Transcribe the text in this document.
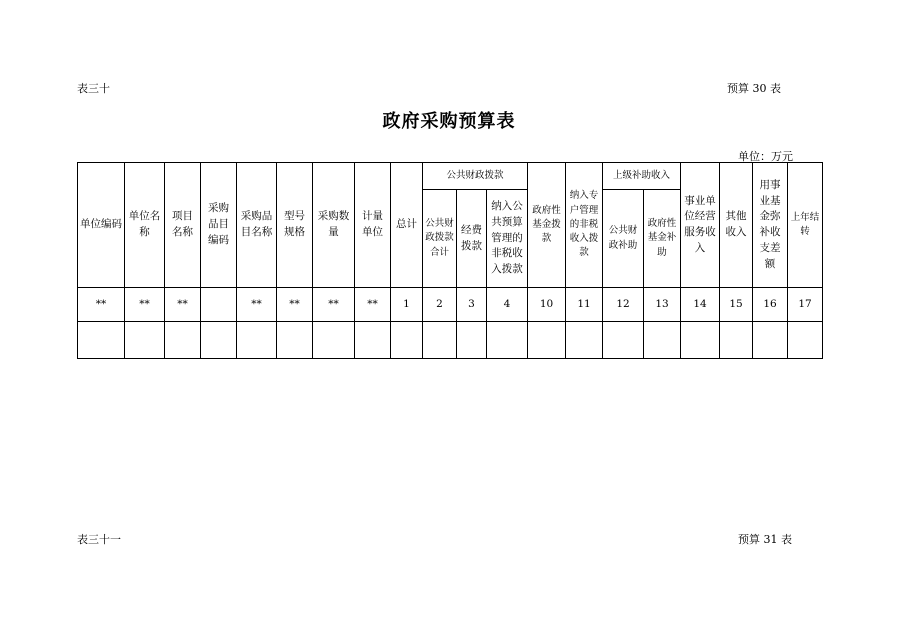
表三十	预算 30 表
政府采购预算表
单位：万元
单位编码	单位名称	项目名称	采购品目编码	采购品目名称	型号规格	采购数量	计量单位	总计	公共财政拨款			政府性基金拨款	纳入专户管理的非税收入拨款	上级补助收入		事业单位经营服务收入	其他收入	用事业基金弥补收支差额	上年结转
									公共财政拨款合计	经费拨款	纳入公共预算管理的非税收入拨款			公共财政补助	政府性基金补助				
**	**	**		**	**	**	**	1	2	3	4	10	11	12	13	14	15	16	17

表三十一	预算 31 表
